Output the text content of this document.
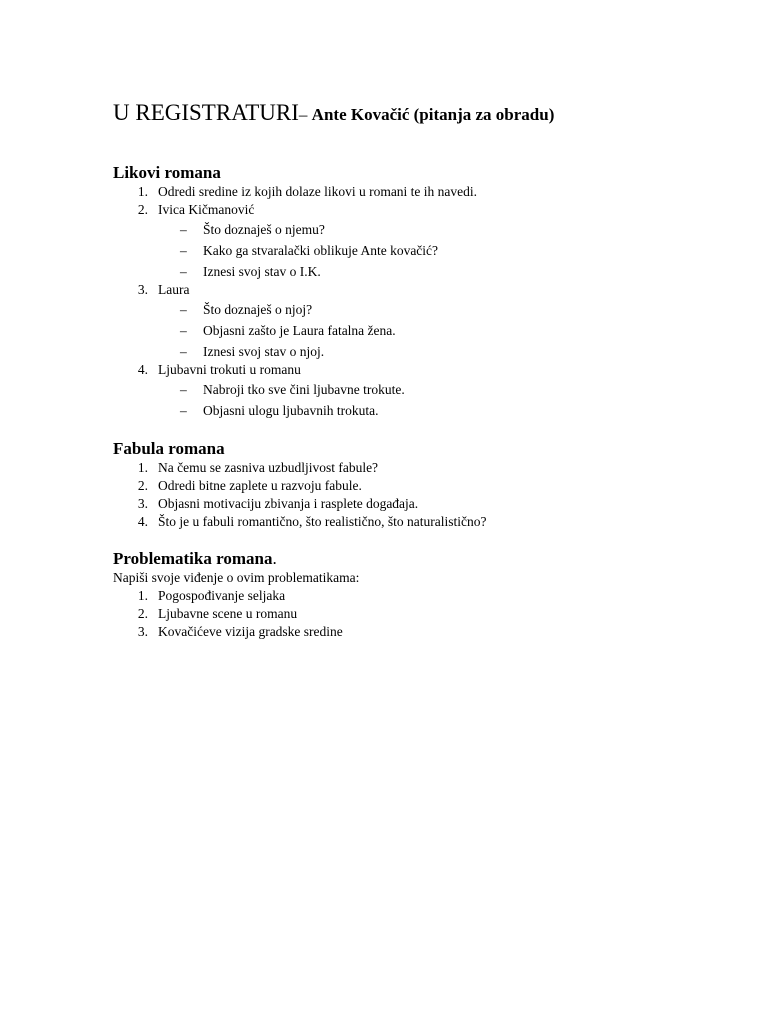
U REGISTRATURI– Ante Kovačić (pitanja za obradu)
Likovi romana
1. Odredi sredine iz kojih dolaze likovi u romani te ih navedi.
2. Ivica Kičmanović
– Što doznaješ o njemu?
– Kako ga stvaralački oblikuje Ante kovačić?
– Iznesi svoj stav o I.K.
3. Laura
– Što doznaješ o njoj?
– Objasni zašto je Laura fatalna žena.
– Iznesi svoj stav o njoj.
4. Ljubavni trokuti u romanu
– Nabroji tko sve čini ljubavne trokute.
– Objasni ulogu ljubavnih trokuta.
Fabula romana
1. Na čemu se zasniva uzbudljivost fabule?
2. Odredi bitne zaplete u razvoju fabule.
3. Objasni motivaciju zbivanja i rasplete događaja.
4. Što je u fabuli romantično, što realistično, što naturalistično?
Problematika romana.
Napiši svoje viđenje o ovim problematikama:
1. Pogospođivanje seljaka
2. Ljubavne scene u romanu
3. Kovačićeve vizija gradske sredine
